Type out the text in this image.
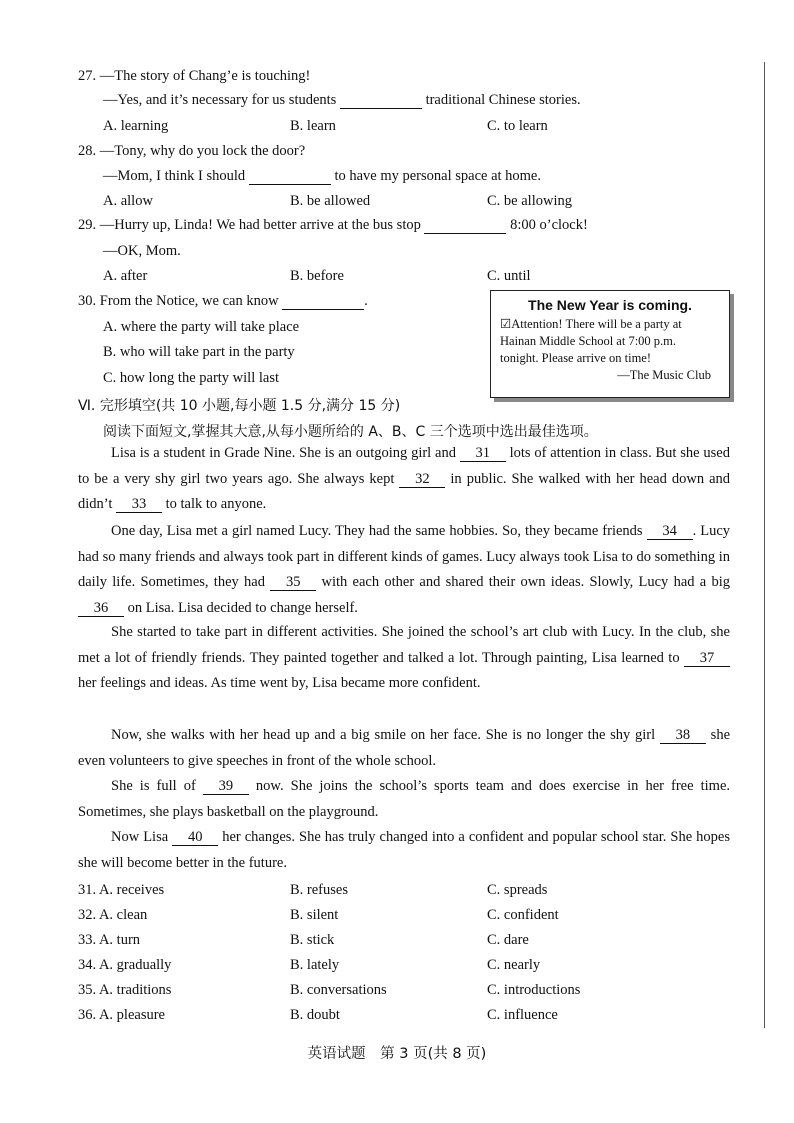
27. —The story of Chang’e is touching!
—Yes, and it’s necessary for us students	traditional Chinese stories.
A. learning	B. learn	C. to learn
28. —Tony, why do you lock the door?
—Mom, I think I should	to have my personal space at home.
A. allow	B. be allowed	C. be allowing
29. —Hurry up, Linda! We had better arrive at the bus stop	8:00 o’clock!
—OK, Mom.
A. after	B. before	C. until
30. From the Notice, we can know	.
A. where the party will take place
B. who will take part in the party
C. how long the party will last
The New Year is coming.
☑Attention! There will be a party at
Hainan Middle School at 7:00 p.m.
tonight. Please arrive on time!
—The Music Club
Ⅵ. 完形填空(共 10 小题,每小题 1.5 分,满分 15 分)
阅读下面短文,掌握其大意,从每小题所给的 A、B、C 三个选项中选出最佳选项。
Lisa is a student in Grade Nine. She is an outgoing girl and 31 lots of attention in class. But she used to be a very shy girl two years ago. She always kept 32 in public. She walked with her head down and didn’t 33 to talk to anyone.
One day, Lisa met a girl named Lucy. They had the same hobbies. So, they became friends 34 . Lucy had so many friends and always took part in different kinds of games. Lucy always took Lisa to do something in daily life. Sometimes, they had 35 with each other and shared their own ideas. Slowly, Lucy had a big 36 on Lisa. Lisa decided to change herself.
She started to take part in different activities. She joined the school’s art club with Lucy. In the club, she met a lot of friendly friends. They painted together and talked a lot. Through painting, Lisa learned to 37 her feelings and ideas. As time went by, Lisa became more confident.
Now, she walks with her head up and a big smile on her face. She is no longer the shy girl 38 she even volunteers to give speeches in front of the whole school.
She is full of 39 now. She joins the school’s sports team and does exercise in her free time. Sometimes, she plays basketball on the playground.
Now Lisa 40 her changes. She has truly changed into a confident and popular school star. She hopes she will become better in the future.
31. A. receives	B. refuses	C. spreads
32. A. clean	B. silent	C. confident
33. A. turn	B. stick	C. dare
34. A. gradually	B. lately	C. nearly
35. A. traditions	B. conversations	C. introductions
36. A. pleasure	B. doubt	C. influence
英语试题　第 3 页(共 8 页)
